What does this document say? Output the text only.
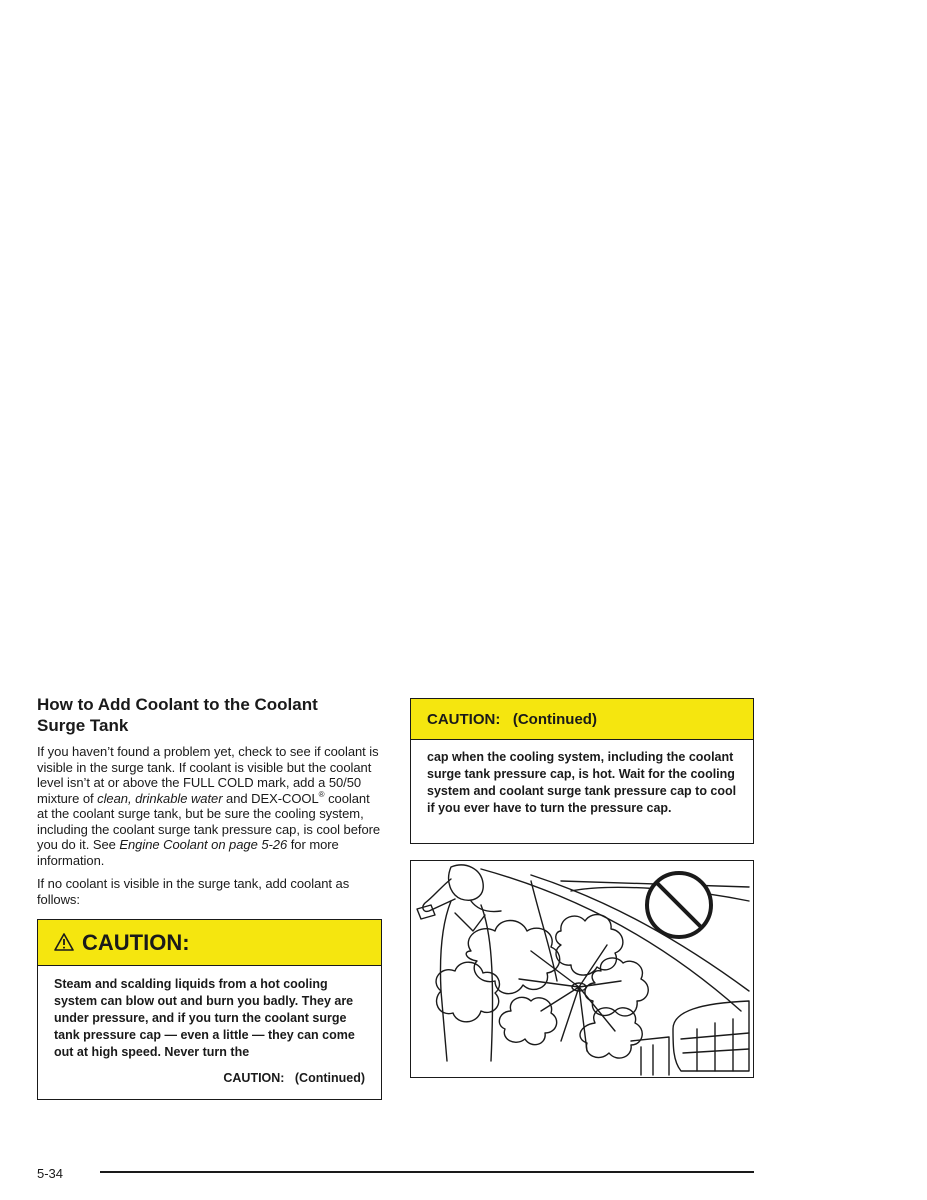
How to Add Coolant to the Coolant Surge Tank

If you haven’t found a problem yet, check to see if coolant is visible in the surge tank. If coolant is visible but the coolant level isn’t at or above the FULL COLD mark, add a 50/50 mixture of clean, drinkable water and DEX-COOL® coolant at the coolant surge tank, but be sure the cooling system, including the coolant surge tank pressure cap, is cool before you do it. See Engine Coolant on page 5-26 for more information.

If no coolant is visible in the surge tank, add coolant as follows:

CAUTION:
Steam and scalding liquids from a hot cooling system can blow out and burn you badly. They are under pressure, and if you turn the coolant surge tank pressure cap — even a little — they can come out at high speed. Never turn the
CAUTION:   (Continued)
CAUTION:   (Continued)
cap when the cooling system, including the coolant surge tank pressure cap, is hot. Wait for the cooling system and coolant surge tank pressure cap to cool if you ever have to turn the pressure cap.
5-34
